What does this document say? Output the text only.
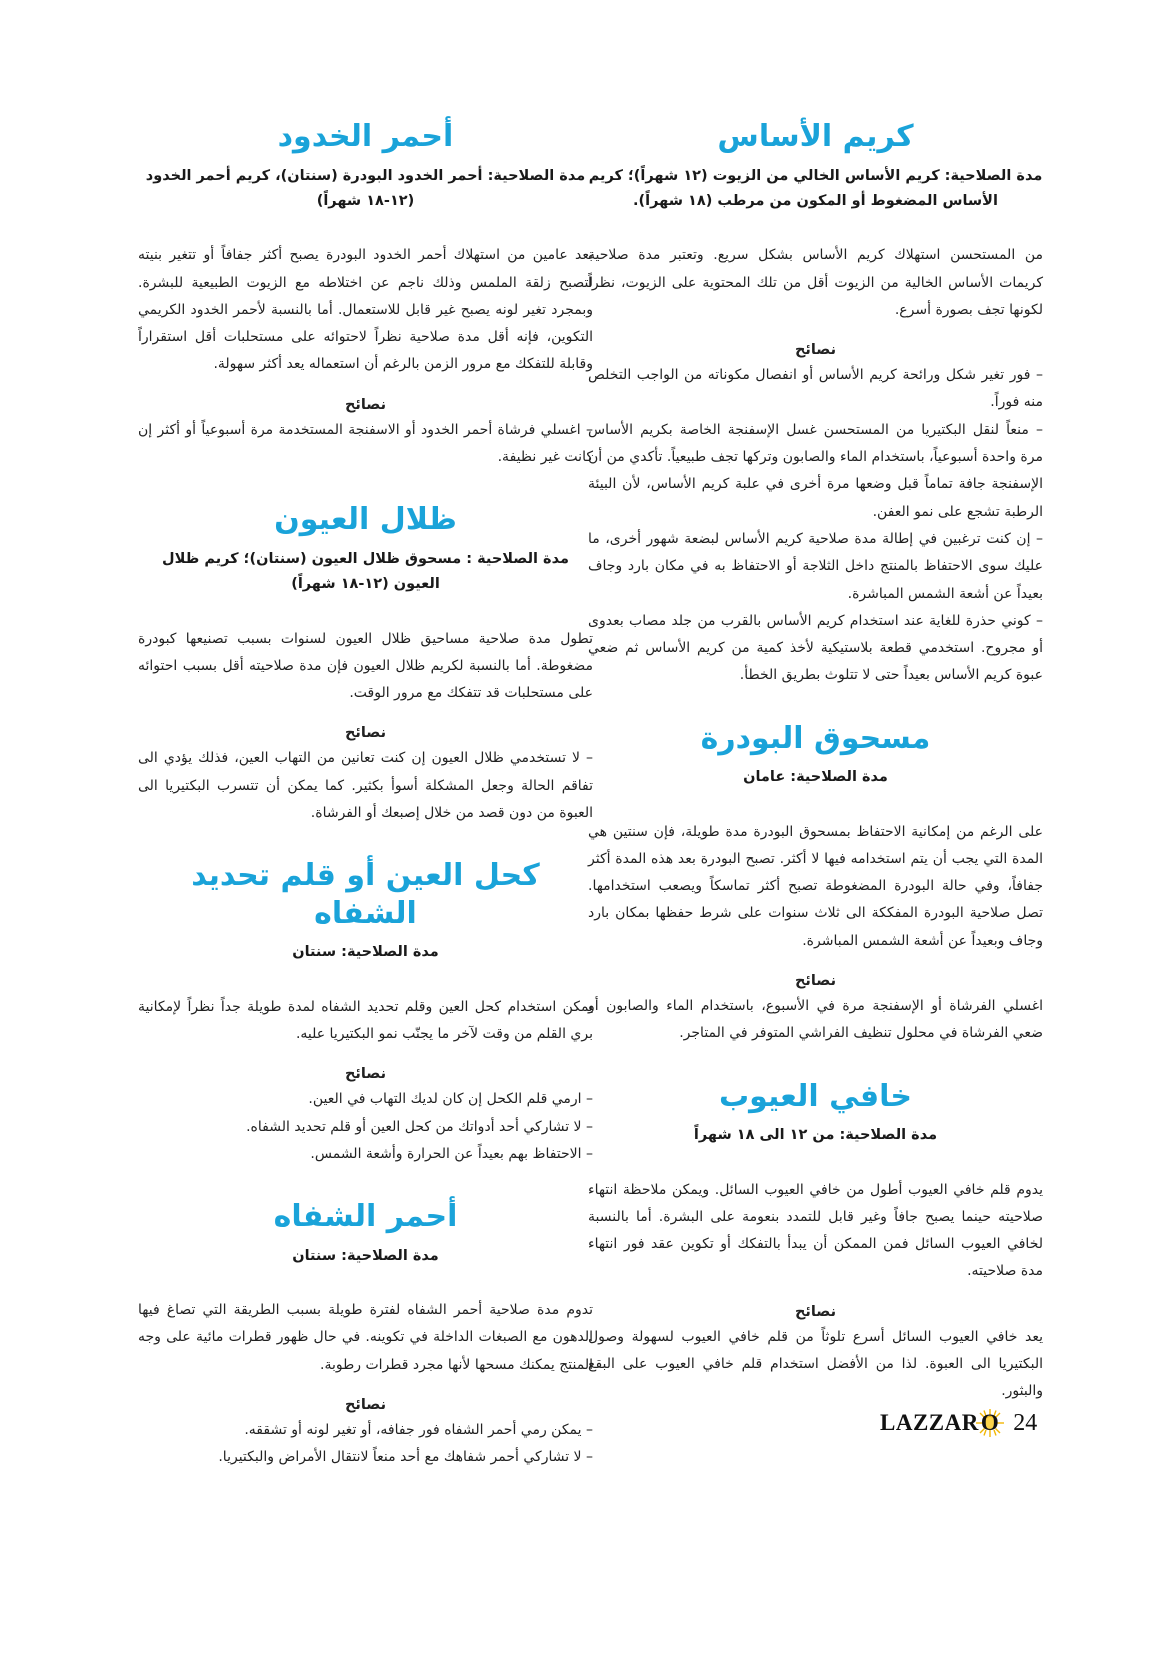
كريم الأساس

مدة الصلاحية: كريم الأساس الخالي من الزيوت (١٢ شهراً)؛ كريم الأساس المضغوط أو المكون من مرطب (١٨ شهراً).

من المستحسن استهلاك كريم الأساس بشكل سريع. وتعتبر مدة صلاحية كريمات الأساس الخالية من الزيوت أقل من تلك المحتوية على الزيوت، نظراً لكونها تجف بصورة أسرع.

نصائح
– فور تغير شكل ورائحة كريم الأساس أو انفصال مكوناته من الواجب التخلص منه فوراً.
– منعاً لنقل البكتيريا من المستحسن غسل الإسفنجة الخاصة بكريم الأساس مرة واحدة أسبوعياً، باستخدام الماء والصابون وتركها تجف طبيعياً. تأكدي من أن الإسفنجة جافة تماماً قبل وضعها مرة أخرى في علبة كريم الأساس، لأن البيئة الرطبة تشجع على نمو العفن.
– إن كنت ترغبين في إطالة مدة صلاحية كريم الأساس لبضعة شهور أخرى، ما عليك سوى الاحتفاظ بالمنتج داخل الثلاجة أو الاحتفاظ به في مكان بارد وجاف بعيداً عن أشعة الشمس المباشرة.
– كوني حذرة للغاية عند استخدام كريم الأساس بالقرب من جلد مصاب بعدوى أو مجروح. استخدمي قطعة بلاستيكية لأخذ كمية من كريم الأساس ثم ضعي عبوة كريم الأساس بعيداً حتى لا تتلوث بطريق الخطأ.
مسحوق البودرة

مدة الصلاحية: عامان

على الرغم من إمكانية الاحتفاظ بمسحوق البودرة مدة طويلة، فإن سنتين هي المدة التي يجب أن يتم استخدامه فيها لا أكثر. تصبح البودرة بعد هذه المدة أكثر جفافاً، وفي حالة البودرة المضغوطة تصبح أكثر تماسكاً ويصعب استخدامها. تصل صلاحية البودرة المفككة الى ثلاث سنوات على شرط حفظها بمكان بارد وجاف وبعيداً عن أشعة الشمس المباشرة.

نصائح
اغسلي الفرشاة أو الإسفنجة مرة في الأسبوع، باستخدام الماء والصابون أو ضعي الفرشاة في محلول تنظيف الفراشي المتوفر في المتاجر.
خافي العيوب

مدة الصلاحية: من ١٢ الى ١٨ شهراً

يدوم قلم خافي العيوب أطول من خافي العيوب السائل. ويمكن ملاحظة انتهاء صلاحيته حينما يصبح جافاً وغير قابل للتمدد بنعومة على البشرة. أما بالنسبة لخافي العيوب السائل فمن الممكن أن يبدأ بالتفكك أو تكوين عقد فور انتهاء مدة صلاحيته.

نصائح
يعد خافي العيوب السائل أسرع تلوثاً من قلم خافي العيوب لسهولة وصول البكتيريا الى العبوة. لذا من الأفضل استخدام قلم خافي العيوب على البقع والبثور.
أحمر الخدود

مدة الصلاحية: أحمر الخدود البودرة (سنتان)، كريم أحمر الخدود (١٢-١٨ شهراً)

بعد عامين من استهلاك أحمر الخدود البودرة يصبح أكثر جفافاً أو تتغير بنيته لتصبح زلقة الملمس وذلك ناجم عن اختلاطه مع الزيوت الطبيعية للبشرة. وبمجرد تغير لونه يصبح غير قابل للاستعمال. أما بالنسبة لأحمر الخدود الكريمي التكوين، فإنه أقل مدة صلاحية نظراً لاحتوائه على مستحلبات أقل استقراراً وقابلة للتفكك مع مرور الزمن بالرغم أن استعماله يعد أكثر سهولة.

نصائح
– اغسلي فرشاة أحمر الخدود أو الاسفنجة المستخدمة مرة أسبوعياً أو أكثر إن كانت غير نظيفة.
ظلال العيون

مدة الصلاحية : مسحوق ظلال العيون (سنتان)؛ كريم ظلال العيون (١٢-١٨ شهراً)

تطول مدة صلاحية مساحيق ظلال العيون لسنوات بسبب تصنيعها كبودرة مضغوطة. أما بالنسبة لكريم ظلال العيون فإن مدة صلاحيته أقل بسبب احتوائه على مستحلبات قد تتفكك مع مرور الوقت.

نصائح
– لا تستخدمي ظلال العيون إن كنت تعانين من التهاب العين، فذلك يؤدي الى تفاقم الحالة وجعل المشكلة أسوأ بكثير. كما يمكن أن تتسرب البكتيريا الى العبوة من دون قصد من خلال إصبعك أو الفرشاة.
كحل العين أو قلم تحديد الشفاه

مدة الصلاحية: سنتان

يمكن استخدام كحل العين وقلم تحديد الشفاه لمدة طويلة جداً نظراً لإمكانية بري القلم من وقت لآخر ما يجنّب نمو البكتيريا عليه.

نصائح
– ارمي قلم الكحل إن كان لديك التهاب في العين.
– لا تشاركي أحد أدواتك من كحل العين أو قلم تحديد الشفاه.
– الاحتفاظ بهم بعيداً عن الحرارة وأشعة الشمس.
أحمر الشفاه

مدة الصلاحية: سنتان

تدوم مدة صلاحية أحمر الشفاه لفترة طويلة بسبب الطريقة التي تصاغ فيها الدهون مع الصبغات الداخلة في تكوينه. في حال ظهور قطرات مائية على وجه المنتج يمكنك مسحها لأنها مجرد قطرات رطوبة.

نصائح
– يمكن رمي أحمر الشفاه فور جفافه، أو تغير لونه أو تشققه.
– لا تشاركي أحمر شفاهك مع أحد منعاً لانتقال الأمراض والبكتيريا.
LAZZAR O 24
